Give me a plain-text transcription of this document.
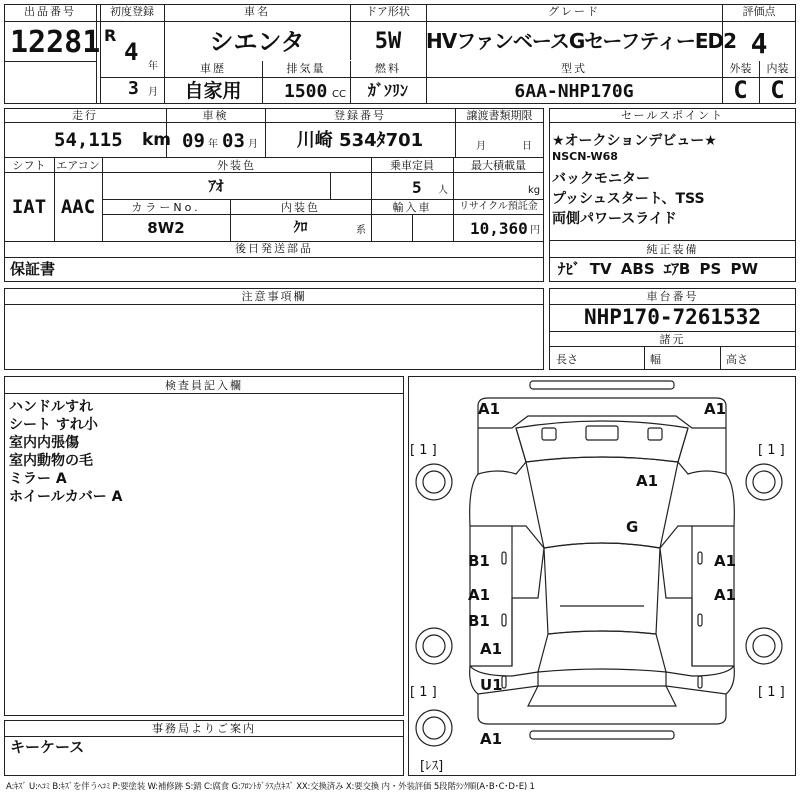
出品番号
12281
初度登録
R
4
年
3 月
車名
シエンタ
ドア形状
5W
グレード
HVファンベースGセーフティーED2
評価点
4
車歴
自家用
排気量
1500 CC
燃料
ｶﾞｿﾘﾝ
型式
6AA-NHP170G
外装
C
内装
C
走行
54,115 km
車検
09 年 03 月
登録番号
川崎 534ﾀ701
譲渡書類期限
月	日
シフト
IAT
エアコン
AAC
外装色
ｱｵ
乗車定員
5 人
最大積載量
kg
カラーNo.
8W2
内装色
ｸﾛ	系
輸入車	リサイクル預託金
10,360 円
後日発送部品
保証書
セールスポイント
★オークションデビュー★
NSCN-W68
バックモニター
プッシュスタート、TSS
両側パワースライド
純正装備
ﾅﾋﾞ TV ABS ｴｱB PS PW
注意事項欄	車台番号
NHP170-7261532
諸元
長さ	幅	高さ
検査員記入欄
ハンドルすれ
シート すれ小
室内内張傷
室内動物の毛
ミラー A
ホイールカバー A
事務局よりご案内
キーケース
A1	A1
A1
G
B1	A1
A1	A1
B1
A1
U1
A1
[ 1 ]	[ 1 ]
[ 1 ]	[ 1 ]
[ﾚｽ]
A:ｷｽﾞ U:ﾍｺﾐ B:ｷｽﾞを伴うﾍｺﾐ P:要塗装 W:補修跡 S:錆 C:腐食 G:ﾌﾛﾝﾄｶﾞﾗｽ点ｷｽﾞ XX:交換済み X:要交換 内・外装評価 5段階ﾗﾝｸ順(A･B･C･D･E) 1
